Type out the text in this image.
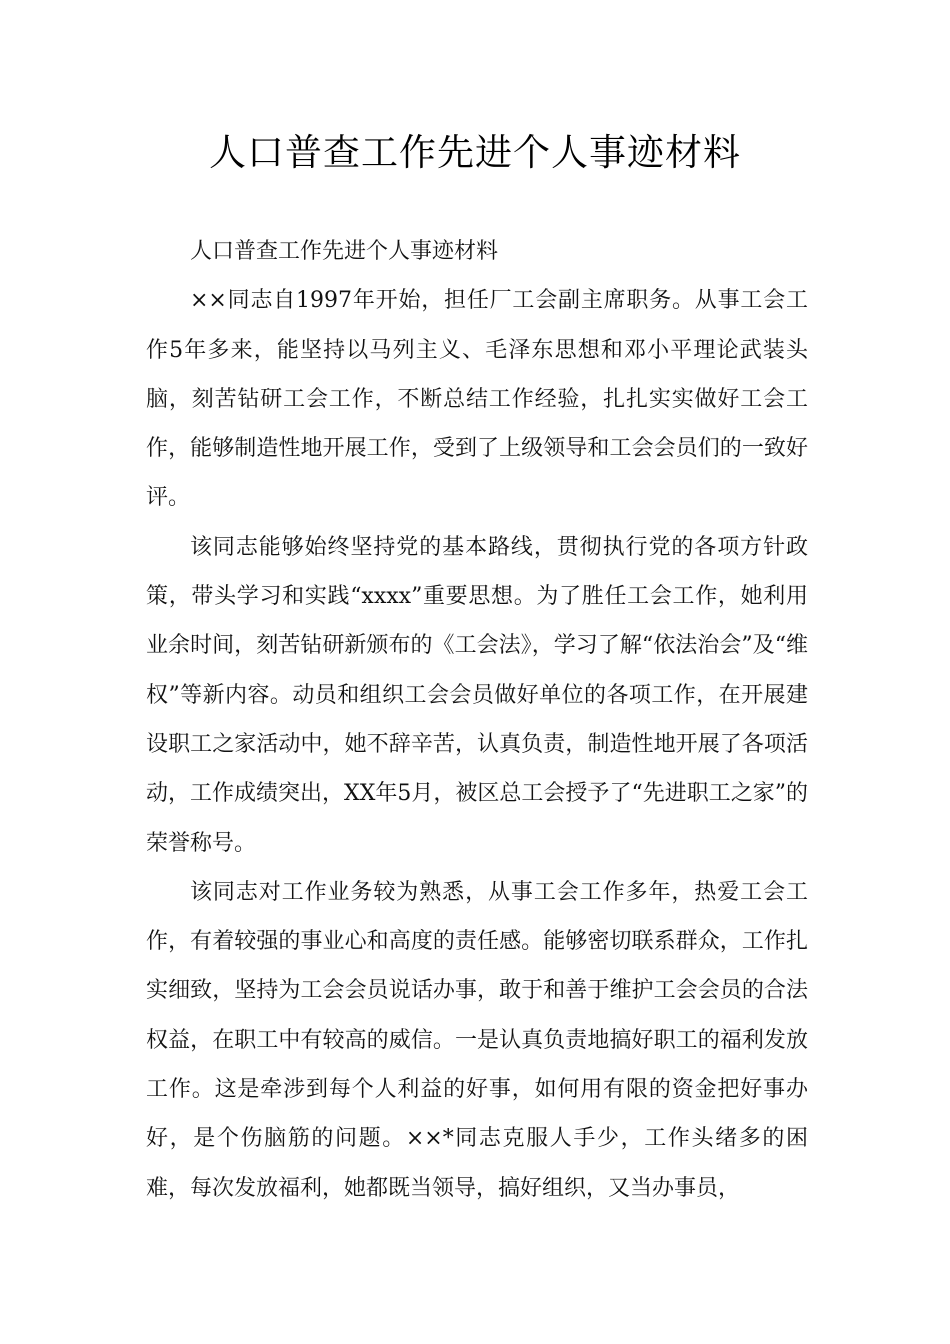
人口普查工作先进个人事迹材料

人口普查工作先进个人事迹材料

××同志自1997年开始，担任厂工会副主席职务。从事工会工作5年多来，能坚持以马列主义、毛泽东思想和邓小平理论武装头脑，刻苦钻研工会工作，不断总结工作经验，扎扎实实做好工会工作，能够制造性地开展工作，受到了上级领导和工会会员们的一致好评。

该同志能够始终坚持党的基本路线，贯彻执行党的各项方针政策，带头学习和实践“xxxx”重要思想。为了胜任工会工作，她利用业余时间，刻苦钻研新颁布的《工会法》，学习了解“依法治会”及“维权”等新内容。动员和组织工会会员做好单位的各项工作，在开展建设职工之家活动中，她不辞辛苦，认真负责，制造性地开展了各项活动，工作成绩突出，XX年5月，被区总工会授予了“先进职工之家”的荣誉称号。

该同志对工作业务较为熟悉，从事工会工作多年，热爱工会工作，有着较强的事业心和高度的责任感。能够密切联系群众，工作扎实细致，坚持为工会会员说话办事，敢于和善于维护工会会员的合法权益，在职工中有较高的威信。一是认真负责地搞好职工的福利发放工作。这是牵涉到每个人利益的好事，如何用有限的资金把好事办好，是个伤脑筋的问题。××*同志克服人手少，工作头绪多的困难，每次发放福利，她都既当领导，搞好组织，又当办事员，
